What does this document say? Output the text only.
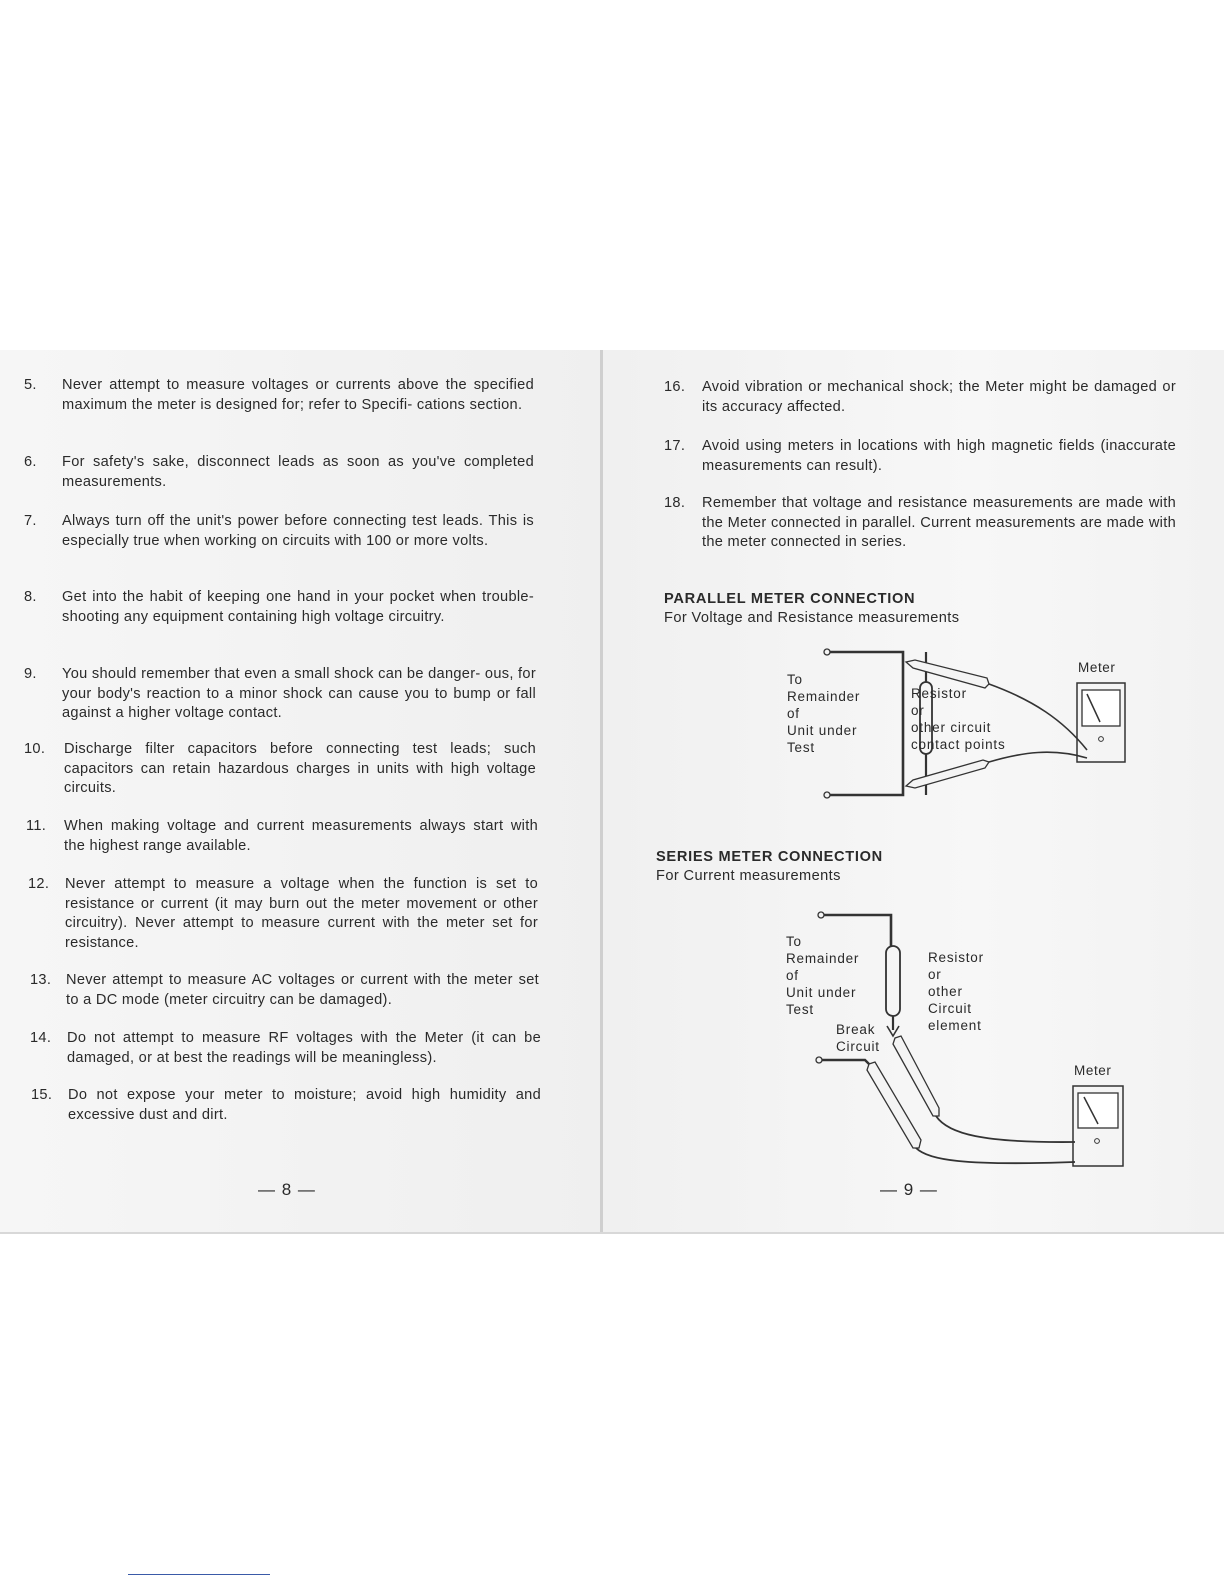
5. Never attempt to measure voltages or currents above the specified maximum the meter is designed for; refer to Specifi- cations section.
6. For safety's sake, disconnect leads as soon as you've completed measurements.
7. Always turn off the unit's power before connecting test leads. This is especially true when working on circuits with 100 or more volts.
8. Get into the habit of keeping one hand in your pocket when trouble-shooting any equipment containing high voltage circuitry.
9. You should remember that even a small shock can be danger- ous, for your body's reaction to a minor shock can cause you to bump or fall against a higher voltage contact.
10. Discharge filter capacitors before connecting test leads; such capacitors can retain hazardous charges in units with high voltage circuits.
11. When making voltage and current measurements always start with the highest range available.
12. Never attempt to measure a voltage when the function is set to resistance or current (it may burn out the meter movement or other circuitry). Never attempt to measure current with the meter set for resistance.
13. Never attempt to measure AC voltages or current with the meter set to a DC mode (meter circuitry can be damaged).
14. Do not attempt to measure RF voltages with the Meter (it can be damaged, or at best the readings will be meaningless).
15. Do not expose your meter to moisture; avoid high humidity and excessive dust and dirt.
— 8 —
16. Avoid vibration or mechanical shock; the Meter might be damaged or its accuracy affected.
17. Avoid using meters in locations with high magnetic fields (inaccurate measurements can result).
18. Remember that voltage and resistance measurements are made with the Meter connected in parallel. Current measurements are made with the meter connected in series.
PARALLEL METER CONNECTION
For Voltage and Resistance measurements
To
Remainder
of
Unit under
Test
Resistor
or
other circuit
contact points
Meter
SERIES METER CONNECTION
For Current measurements
To
Remainder
of
Unit under
Test
Break
Circuit
Resistor
or
other
Circuit
element
Meter
— 9 —
